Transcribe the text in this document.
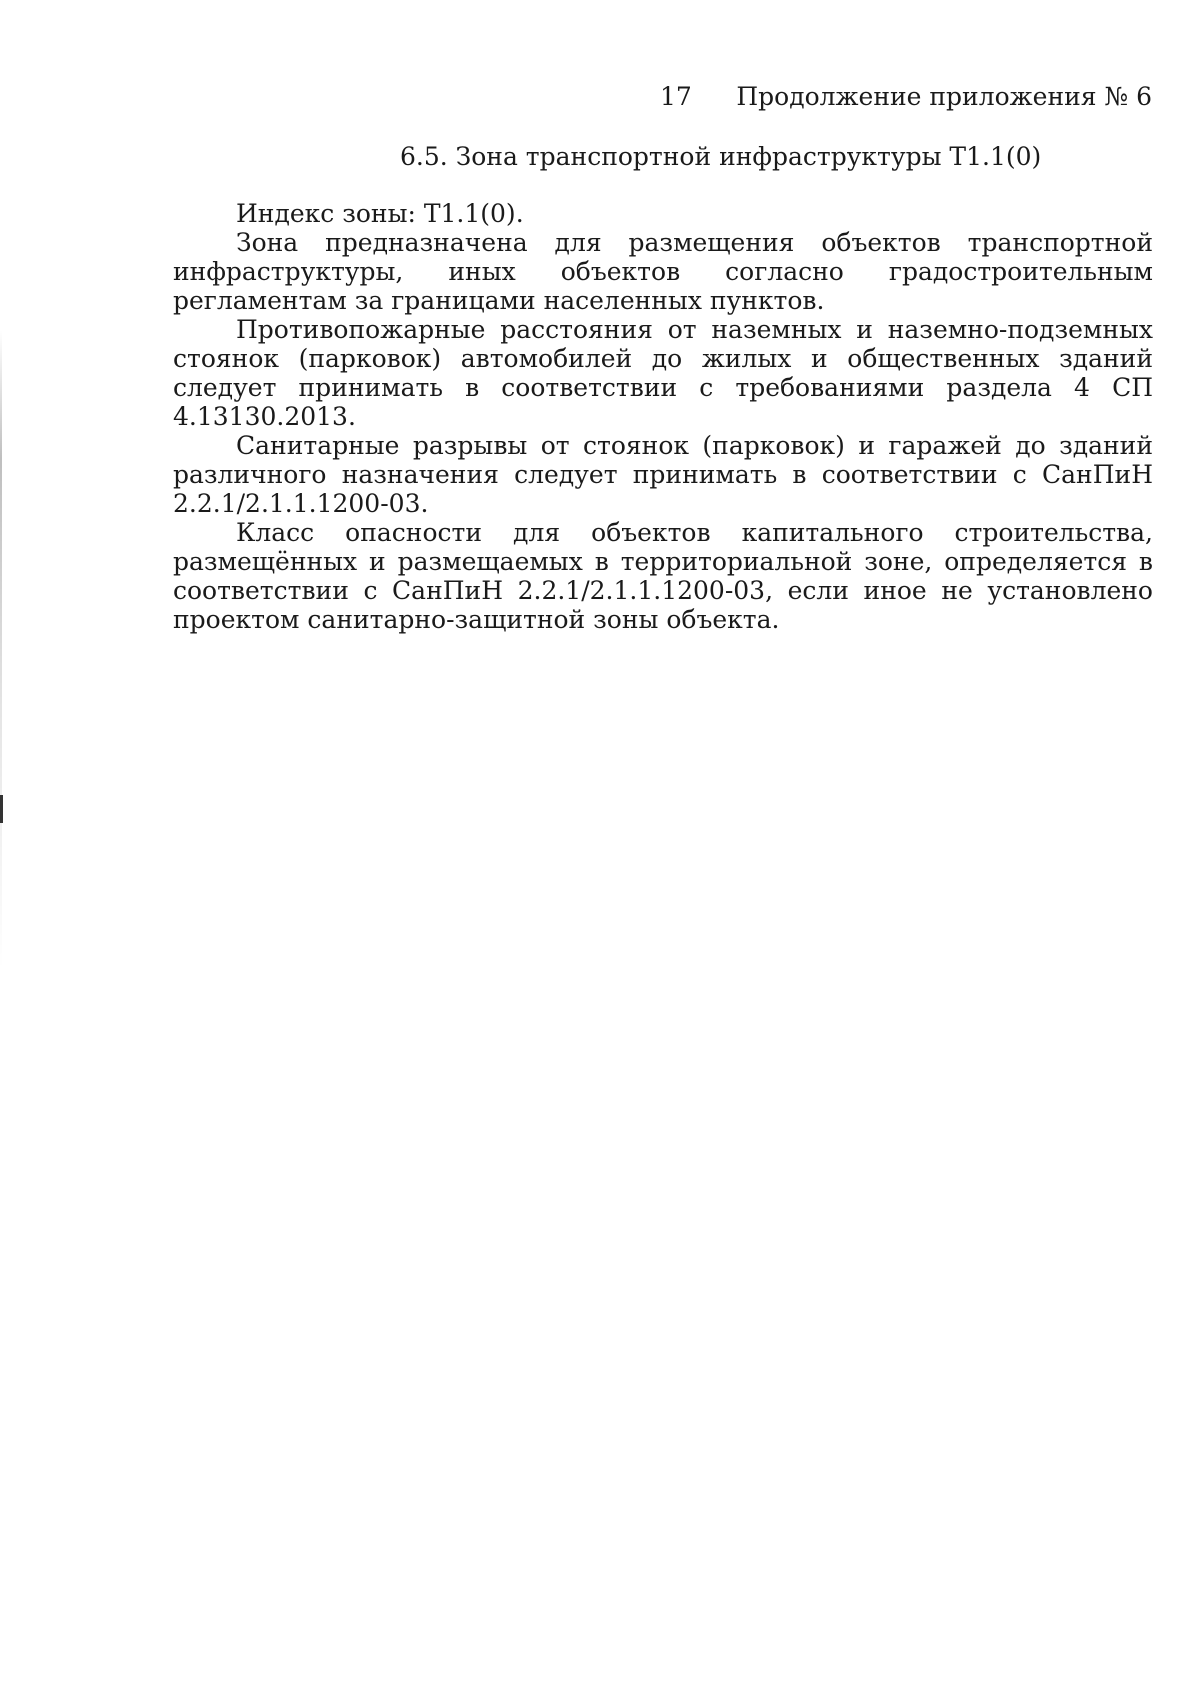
17 Продолжение приложения № 6
6.5. Зона транспортной инфраструктуры Т1.1(0)

Индекс зоны: Т1.1(0).

Зона предназначена для размещения объектов транспортной инфраструктуры, иных объектов согласно градостроительным регламентам за границами населенных пунктов.

Противопожарные расстояния от наземных и наземно-подземных стоянок (парковок) автомобилей до жилых и общественных зданий следует принимать в соответствии с требованиями раздела 4 СП 4.13130.2013.

Санитарные разрывы от стоянок (парковок) и гаражей до зданий различного назначения следует принимать в соответствии с СанПиН 2.2.1/2.1.1.1200-03.

Класс опасности для объектов капитального строительства, размещённых и размещаемых в территориальной зоне, определяется в соответствии с СанПиН 2.2.1/2.1.1.1200-03, если иное не установлено проектом санитарно-защитной зоны объекта.
